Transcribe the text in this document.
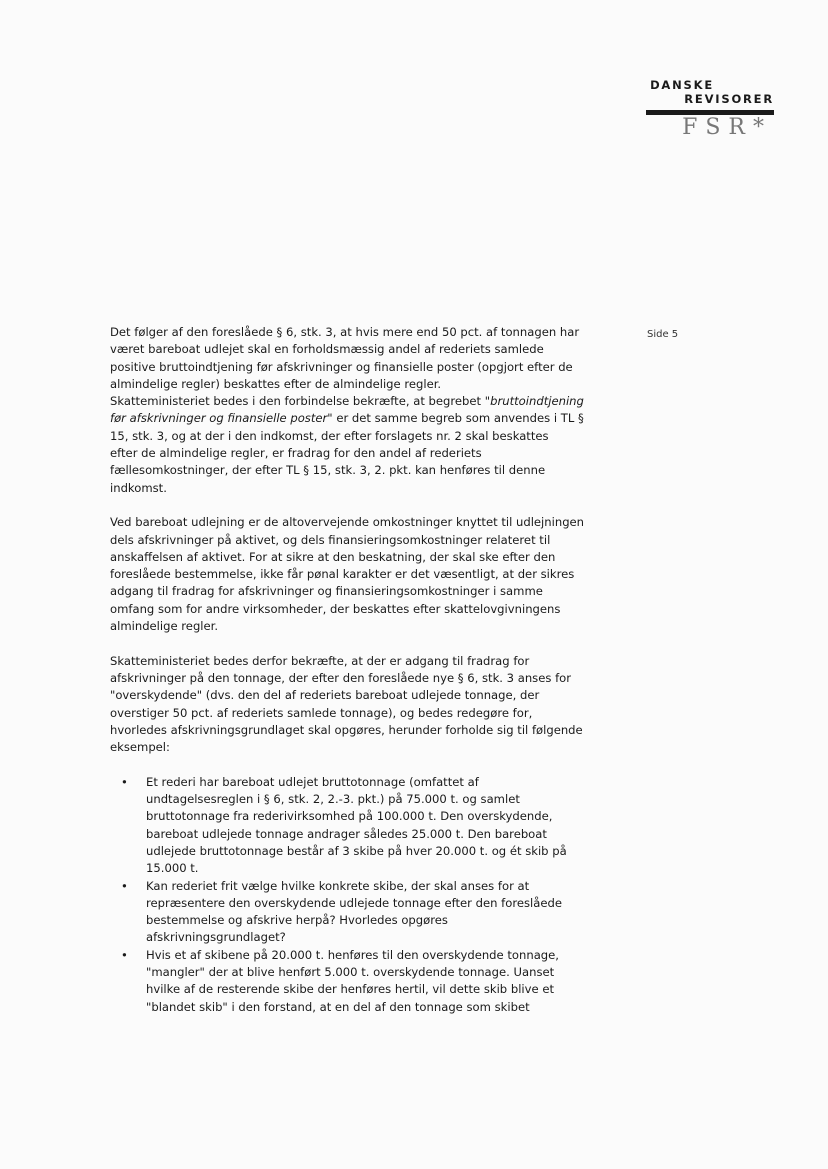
DANSKE
REVISORER
FSR*
Side 5
Det følger af den foreslåede § 6, stk. 3, at hvis mere end 50 pct. af tonnagen har
været bareboat udlejet skal en forholdsmæssig andel af rederiets samlede
positive bruttoindtjening før afskrivninger og finansielle poster (opgjort efter de
almindelige regler) beskattes efter de almindelige regler.
Skatteministeriet bedes i den forbindelse bekræfte, at begrebet "bruttoindtjening
før afskrivninger og finansielle poster" er det samme begreb som anvendes i TL §
15, stk. 3, og at der i den indkomst, der efter forslagets nr. 2 skal beskattes
efter de almindelige regler, er fradrag for den andel af rederiets
fællesomkostninger, der efter TL § 15, stk. 3, 2. pkt. kan henføres til denne
indkomst.
Ved bareboat udlejning er de altovervejende omkostninger knyttet til udlejningen
dels afskrivninger på aktivet, og dels finansieringsomkostninger relateret til
anskaffelsen af aktivet. For at sikre at den beskatning, der skal ske efter den
foreslåede bestemmelse, ikke får pønal karakter er det væsentligt, at der sikres
adgang til fradrag for afskrivninger og finansieringsomkostninger i samme
omfang som for andre virksomheder, der beskattes efter skattelovgivningens
almindelige regler.
Skatteministeriet bedes derfor bekræfte, at der er adgang til fradrag for
afskrivninger på den tonnage, der efter den foreslåede nye § 6, stk. 3 anses for
"overskydende" (dvs. den del af rederiets bareboat udlejede tonnage, der
overstiger 50 pct. af rederiets samlede tonnage), og bedes redegøre for,
hvorledes afskrivningsgrundlaget skal opgøres, herunder forholde sig til følgende
eksempel:
• Et rederi har bareboat udlejet bruttotonnage (omfattet af
undtagelsesreglen i § 6, stk. 2, 2.-3. pkt.) på 75.000 t. og samlet
bruttotonnage fra rederivirksomhed på 100.000 t. Den overskydende,
bareboat udlejede tonnage andrager således 25.000 t. Den bareboat
udlejede bruttotonnage består af 3 skibe på hver 20.000 t. og ét skib på
15.000 t.
• Kan rederiet frit vælge hvilke konkrete skibe, der skal anses for at
repræsentere den overskydende udlejede tonnage efter den foreslåede
bestemmelse og afskrive herpå? Hvorledes opgøres
afskrivningsgrundlaget?
• Hvis et af skibene på 20.000 t. henføres til den overskydende tonnage,
"mangler" der at blive henført 5.000 t. overskydende tonnage. Uanset
hvilke af de resterende skibe der henføres hertil, vil dette skib blive et
"blandet skib" i den forstand, at en del af den tonnage som skibet
